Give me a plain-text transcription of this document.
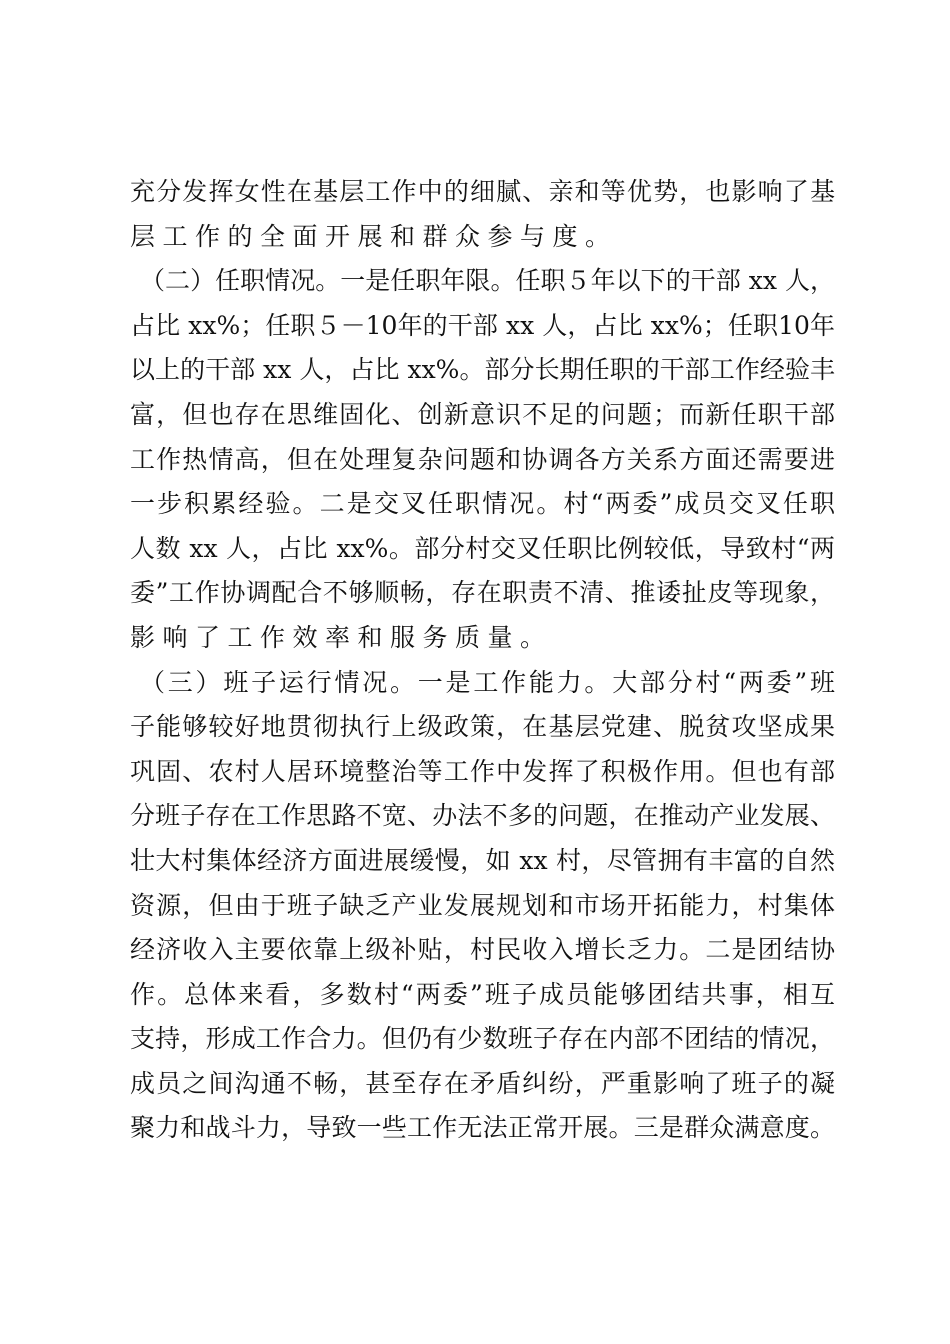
充分发挥女性在基层工作中的细腻、亲和等优势，也影响了基
层工作的全面开展和群众参与度。
（二）任职情况。一是任职年限。任职５年以下的干部 xx 人，
占比 xx%；任职５－10年的干部 xx 人，占比 xx%；任职10年
以上的干部 xx 人，占比 xx%。部分长期任职的干部工作经验丰
富，但也存在思维固化、创新意识不足的问题；而新任职干部
工作热情高，但在处理复杂问题和协调各方关系方面还需要进
一步积累经验。二是交叉任职情况。村“两委”成员交叉任职
人数 xx 人，占比 xx%。部分村交叉任职比例较低，导致村“两
委”工作协调配合不够顺畅，存在职责不清、推诿扯皮等现象，
影响了工作效率和服务质量。
（三）班子运行情况。一是工作能力。大部分村“两委”班
子能够较好地贯彻执行上级政策，在基层党建、脱贫攻坚成果
巩固、农村人居环境整治等工作中发挥了积极作用。但也有部
分班子存在工作思路不宽、办法不多的问题，在推动产业发展、
壮大村集体经济方面进展缓慢，如 xx 村，尽管拥有丰富的自然
资源，但由于班子缺乏产业发展规划和市场开拓能力，村集体
经济收入主要依靠上级补贴，村民收入增长乏力。二是团结协
作。总体来看，多数村“两委”班子成员能够团结共事，相互
支持，形成工作合力。但仍有少数班子存在内部不团结的情况，
成员之间沟通不畅，甚至存在矛盾纠纷，严重影响了班子的凝
聚力和战斗力，导致一些工作无法正常开展。三是群众满意度。
